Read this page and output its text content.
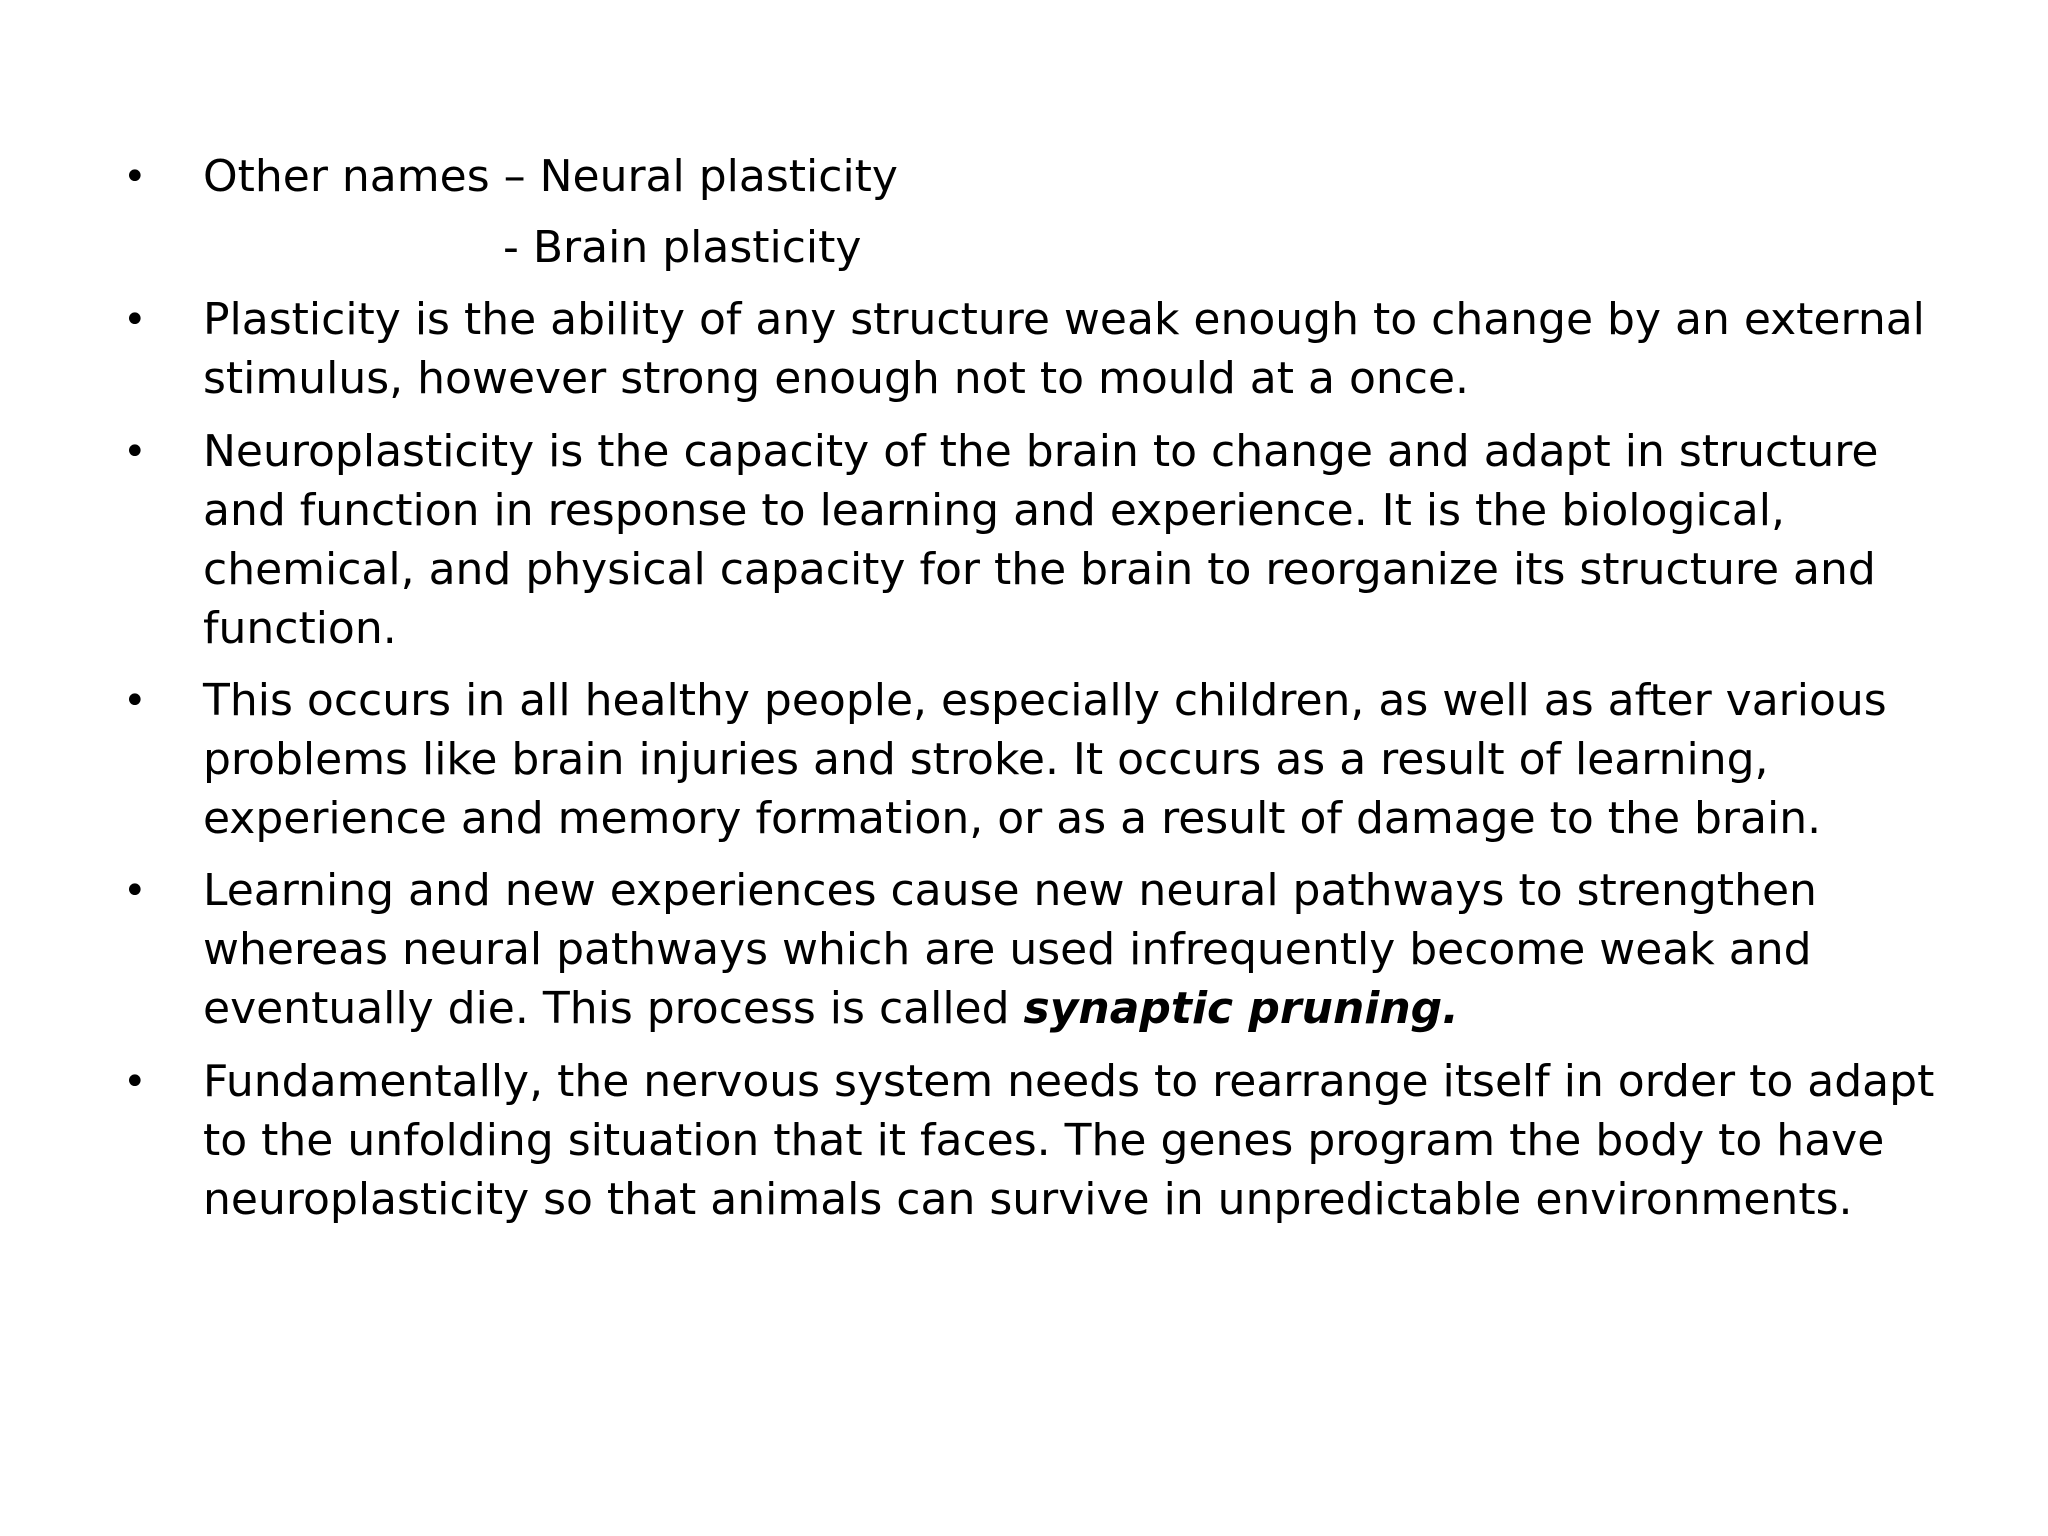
• Other names – Neural plasticity
- Brain plasticity
• Plasticity is the ability of any structure weak enough to change by an external
stimulus, however strong enough not to mould at a once.
• Neuroplasticity is the capacity of the brain to change and adapt in structure
and function in response to learning and experience. It is the biological,
chemical, and physical capacity for the brain to reorganize its structure and
function.
• This occurs in all healthy people, especially children, as well as after various
problems like brain injuries and stroke. It occurs as a result of learning,
experience and memory formation, or as a result of damage to the brain.
• Learning and new experiences cause new neural pathways to strengthen
whereas neural pathways which are used infrequently become weak and
eventually die. This process is called synaptic pruning.
• Fundamentally, the nervous system needs to rearrange itself in order to adapt
to the unfolding situation that it faces. The genes program the body to have
neuroplasticity so that animals can survive in unpredictable environments.
